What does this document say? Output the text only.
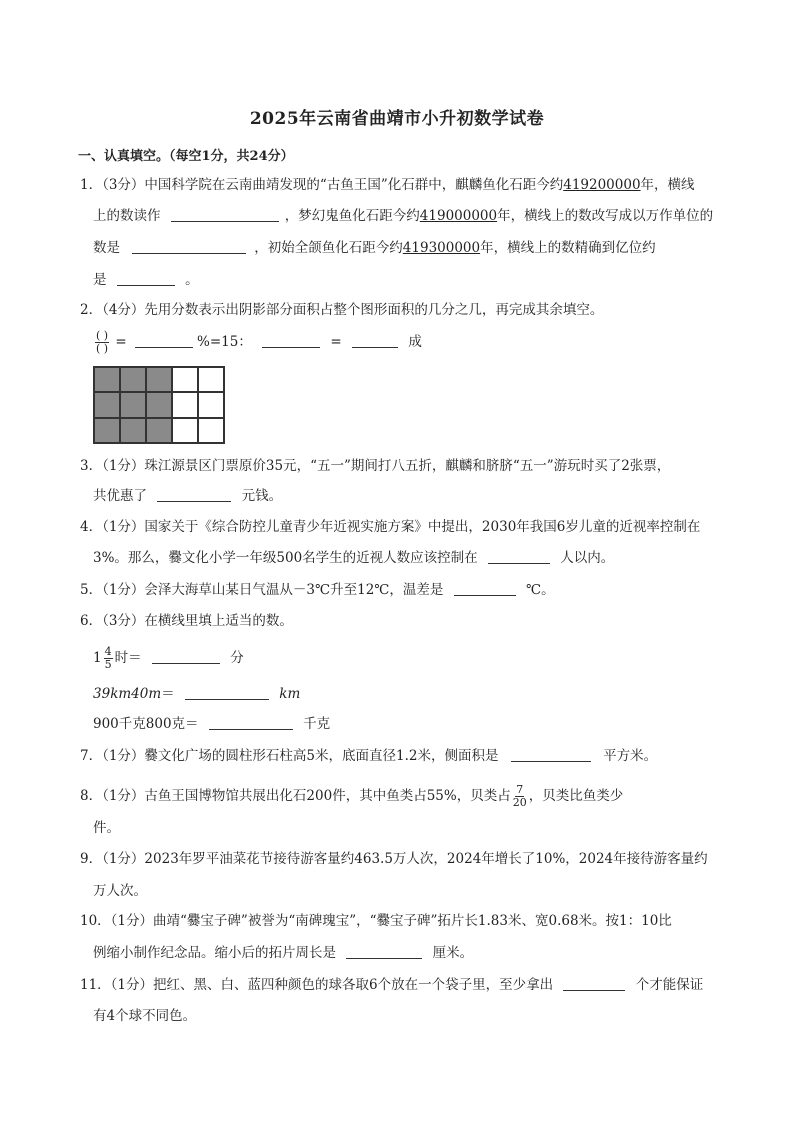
2025年云南省曲靖市小升初数学试卷
一、认真填空。（每空1分，共24分）
1．（3分）中国科学院在云南曲靖发现的“古鱼王国”化石群中，麒麟鱼化石距今约419200000年，横线
上的数读作	，梦幻鬼鱼化石距今约419000000年，横线上的数改写成以万作单位的
数是	，初始全颌鱼化石距今约419300000年，横线上的数精确到亿位约
是	。
2．（4分）先用分数表示出阴影部分面积占整个图形面积的几分之几，再完成其余填空。
$\frac{( )}{( )}$ =	%=15：	=	成
3．（1分）珠江源景区门票原价35元，“五一”期间打八五折，麒麟和脐脐“五一”游玩时买了2张票，
共优惠了	元钱。
4．（1分）国家关于《综合防控儿童青少年近视实施方案》中提出，2030年我国6岁儿童的近视率控制在
3%。那么，爨文化小学一年级500名学生的近视人数应该控制在	人以内。
5．（1分）会泽大海草山某日气温从－3℃升至12℃，温差是	℃。
6．（3分）在横线里填上适当的数。
$1 \frac{4}{5}$ 时＝	分
39km40m＝	km
900千克800克＝	千克
7．（1分）爨文化广场的圆柱形石柱高5米，底面直径1.2米，侧面积是	平方米。
8．（1分）古鱼王国博物馆共展出化石200件，其中鱼类占55%，贝类占 $\frac{7}{20}$ ，贝类比鱼类少
件。
9．（1分）2023年罗平油菜花节接待游客量约463.5万人次，2024年增长了10%，2024年接待游客量约
万人次。
10．（1分）曲靖“爨宝子碑”被誉为“南碑瑰宝”，“爨宝子碑”拓片长1.83米、宽0.68米。按1：10比
例缩小制作纪念品。缩小后的拓片周长是	厘米。
11．（1分）把红、黑、白、蓝四种颜色的球各取6个放在一个袋子里，至少拿出	个才能保证
有4个球不同色。
